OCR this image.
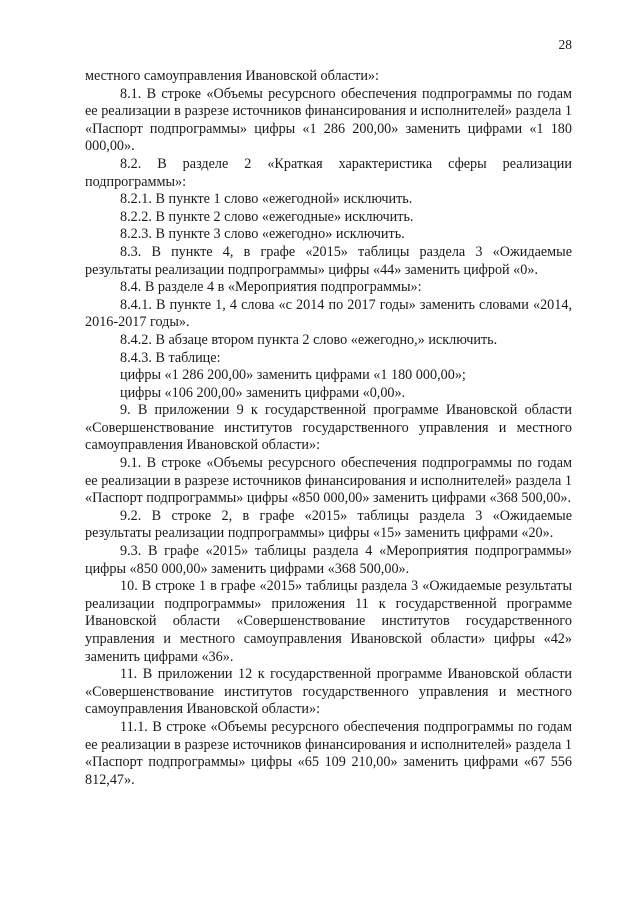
28

местного самоуправления Ивановской области»:

8.1. В строке «Объемы ресурсного обеспечения подпрограммы по годам ее реализации в разрезе источников финансирования и исполнителей» раздела 1 «Паспорт подпрограммы» цифры «1 286 200,00» заменить цифрами «1 180 000,00».

8.2. В разделе 2 «Краткая характеристика сферы реализации подпрограммы»:

8.2.1. В пункте 1 слово «ежегодной» исключить.

8.2.2. В пункте 2 слово «ежегодные» исключить.

8.2.3. В пункте 3 слово «ежегодно» исключить.

8.3. В пункте 4, в графе «2015» таблицы раздела 3 «Ожидаемые результаты реализации подпрограммы» цифры «44» заменить цифрой «0».

8.4. В разделе 4 в «Мероприятия подпрограммы»:

8.4.1. В пункте 1, 4 слова «с 2014 по 2017 годы» заменить словами «2014, 2016-2017 годы».

8.4.2. В абзаце втором пункта 2 слово «ежегодно,» исключить.

8.4.3. В таблице:

цифры «1 286 200,00» заменить цифрами «1 180 000,00»;

цифры «106 200,00» заменить цифрами «0,00».

9. В приложении 9 к государственной программе Ивановской области «Совершенствование институтов государственного управления и местного самоуправления Ивановской области»:

9.1. В строке «Объемы ресурсного обеспечения подпрограммы по годам ее реализации в разрезе источников финансирования и исполнителей» раздела 1 «Паспорт подпрограммы» цифры «850 000,00» заменить цифрами «368 500,00».

9.2. В строке 2, в графе «2015» таблицы раздела 3 «Ожидаемые результаты реализации подпрограммы» цифры «15» заменить цифрами «20».

9.3. В графе «2015» таблицы раздела 4 «Мероприятия подпрограммы» цифры «850 000,00» заменить цифрами «368 500,00».

10. В строке 1 в графе «2015» таблицы раздела 3 «Ожидаемые результаты реализации подпрограммы» приложения 11 к государственной программе Ивановской области «Совершенствование институтов государственного управления и местного самоуправления Ивановской области» цифры «42» заменить цифрами «36».

11. В приложении 12 к государственной программе Ивановской области «Совершенствование институтов государственного управления и местного самоуправления Ивановской области»:

11.1. В строке «Объемы ресурсного обеспечения подпрограммы по годам ее реализации в разрезе источников финансирования и исполнителей» раздела 1 «Паспорт подпрограммы» цифры «65 109 210,00» заменить цифрами «67 556 812,47».
